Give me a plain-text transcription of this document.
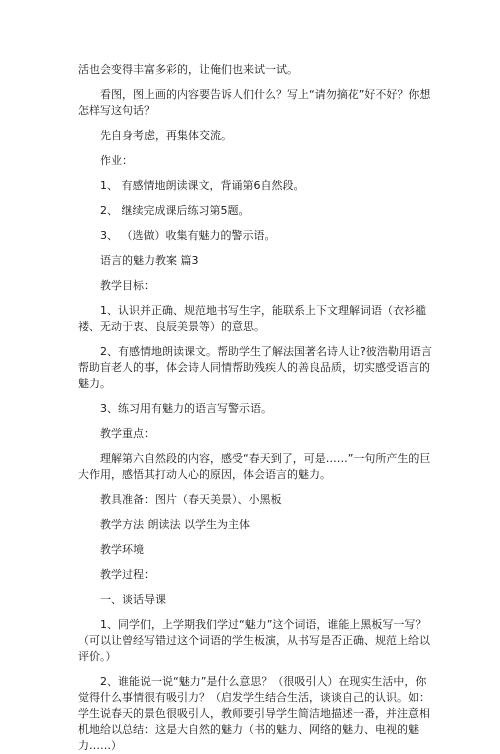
活也会变得丰富多彩的，让俺们也来试一试。

看图，图上画的内容要告诉人们什么？写上“请勿摘花”好不好？你想怎样写这句话？

先自身考虑，再集体交流。

作业：

1、 有感情地朗读课文，背诵第6自然段。

2、 继续完成课后练习第5题。

3、 （选做）收集有魅力的警示语。

语言的魅力教案 篇3

教学目标：

1、认识并正确、规范地书写生字，能联系上下文理解词语（衣衫褴褛、无动于衷、良辰美景等）的意思。

2、有感情地朗读课文。帮助学生了解法国著名诗人让?彼浩勒用语言帮助盲老人的事，体会诗人同情帮助残疾人的善良品质，切实感受语言的魅力。

3、练习用有魅力的语言写警示语。

教学重点：

理解第六自然段的内容，感受“春天到了，可是……”一句所产生的巨大作用，感悟其打动人心的原因，体会语言的魅力。

教具准备：图片（春天美景）、小黑板

教学方法 朗读法 以学生为主体

教学环境

教学过程：

一、谈话导课

1、同学们，上学期我们学过“魅力”这个词语，谁能上黑板写一写？（可以让曾经写错过这个词语的学生板演，从书写是否正确、规范上给以评价。）

2、谁能说一说“魅力”是什么意思？（很吸引人）在现实生活中，你觉得什么事情很有吸引力？（启发学生结合生活，谈谈自己的认识。如：学生说春天的景色很吸引人，教师要引导学生简洁地描述一番，并注意相机地给以总结：这是大自然的魅力（书的魅力、网络的魅力、电视的魅力……）
